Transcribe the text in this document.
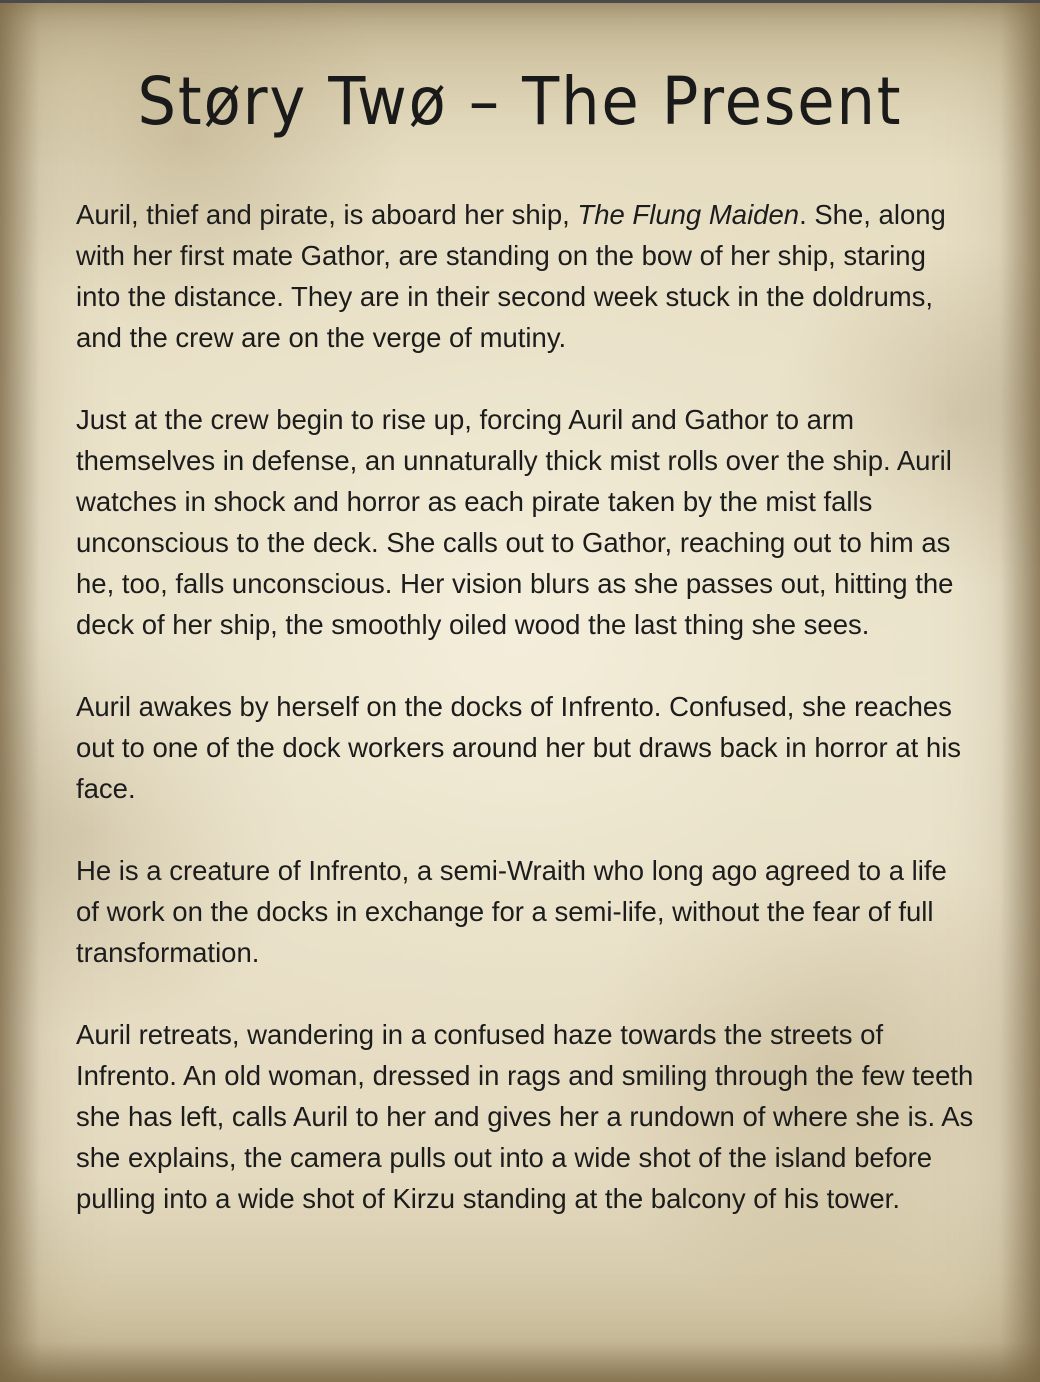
Støry Twø – The Present

Auril, thief and pirate, is aboard her ship, The Flung Maiden. She, along with her first mate Gathor, are standing on the bow of her ship, staring into the distance. They are in their second week stuck in the doldrums, and the crew are on the verge of mutiny.

Just at the crew begin to rise up, forcing Auril and Gathor to arm themselves in defense, an unnaturally thick mist rolls over the ship. Auril watches in shock and horror as each pirate taken by the mist falls unconscious to the deck. She calls out to Gathor, reaching out to him as he, too, falls unconscious. Her vision blurs as she passes out, hitting the deck of her ship, the smoothly oiled wood the last thing she sees.

Auril awakes by herself on the docks of Infrento. Confused, she reaches out to one of the dock workers around her but draws back in horror at his face.

He is a creature of Infrento, a semi-Wraith who long ago agreed to a life of work on the docks in exchange for a semi-life, without the fear of full transformation.

Auril retreats, wandering in a confused haze towards the streets of Infrento. An old woman, dressed in rags and smiling through the few teeth she has left, calls Auril to her and gives her a rundown of where she is. As she explains, the camera pulls out into a wide shot of the island before pulling into a wide shot of Kirzu standing at the balcony of his tower.
